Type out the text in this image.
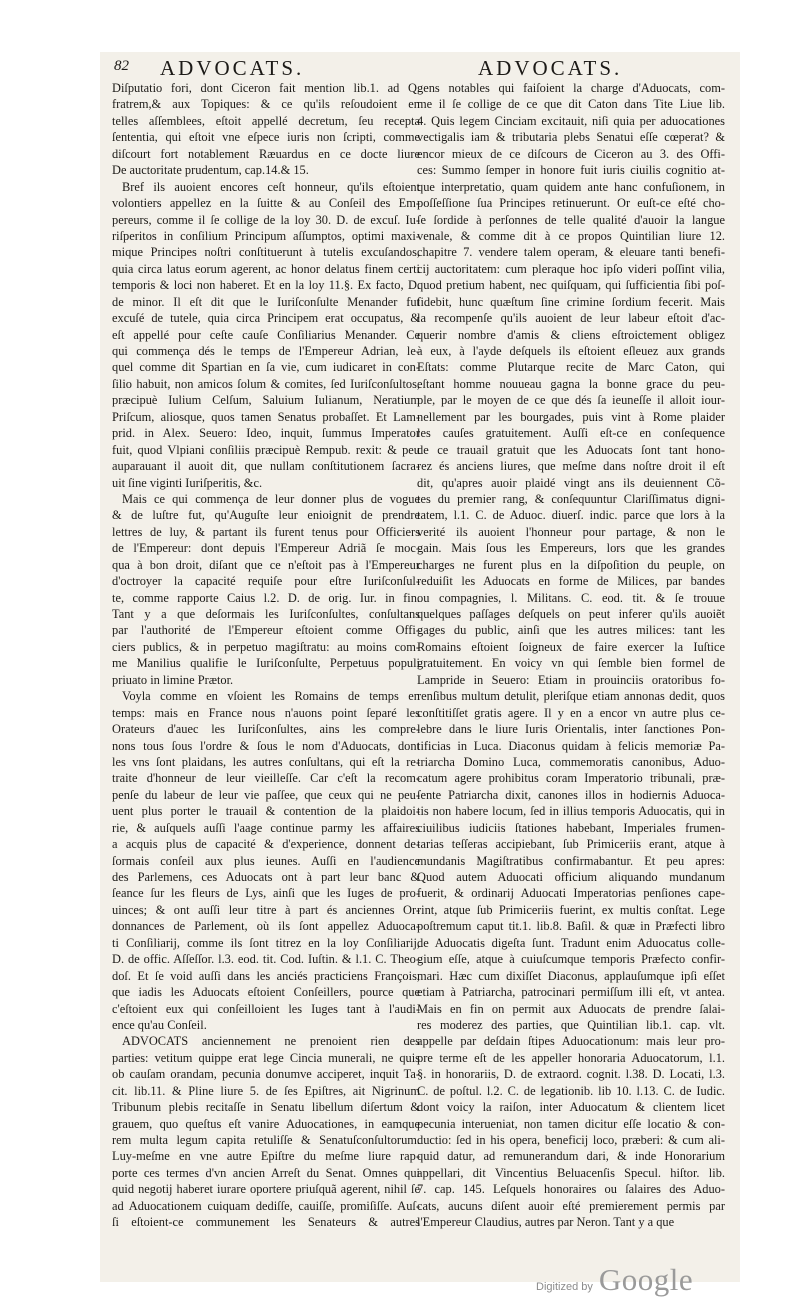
82 ADVOCATS.	ADVOCATS.
Diſputatio fori, dont Ciceron fait mention lib.1. ad Q.
fratrem,& aux Topiques: & ce qu'ils reſoudoient en
telles aſſemblees, eſtoit appellé decretum, ſeu recepta
ſententia, qui eſtoit vne eſpece iuris non ſcripti, comme
diſcourt fort notablement Ræuardus en ce docte liure
De auctoritate prudentum, cap.14.& 15.
Bref ils auoient encores ceſt honneur, qu'ils eſtoient
volontiers appellez en la ſuitte & au Conſeil des Em-
pereurs, comme il ſe collige de la loy 30. D. de excuſ. Iu-
riſperitos in conſilium Principum aſſumptos, optimi maxi-
mique Principes noſtri conſtituerunt à tutelis excuſandos,
quia circa latus eorum agerent, ac honor delatus finem certi
temporis & loci non haberet. Et en la loy 11.§. Ex facto, D.
de minor. Il eſt dit que le Iuriſconſulte Menander fut
excuſé de tutele, quia circa Principem erat occupatus, &
eſt appellé pour ceſte cauſe Conſiliarius Menander. Ce
qui commença dés le temps de l'Empereur Adrian, le-
quel comme dit Spartian en ſa vie, cum iudicaret in con-
ſilio habuit, non amicos ſolum & comites, ſed Iuriſconſultos,
præcipuè Iulium Celſum, Saluium Iulianum, Neratium
Priſcum, aliosque, quos tamen Senatus probaſſet. Et Lam-
prid. in Alex. Seuero: Ideo, inquit, ſummus Imperator
fuit, quod Vlpiani conſiliis præcipuè Rempub. rexit: & peu
auparauant il auoit dit, que nullam conſtitutionem ſacra-
uit ſine viginti Iuriſperitis, &c.
Mais ce qui commença de leur donner plus de vogue
& de luſtre fut, qu'Auguſte leur enioignit de prendre
lettres de luy, & partant ils furent tenus pour Officiers
de l'Empereur: dont depuis l'Empereur Adriã ſe moc-
qua à bon droit, diſant que ce n'eſtoit pas à l'Empereur
d'octroyer la capacité requiſe pour eſtre Iuriſconſul-
te, comme rapporte Caius l.2. D. de orig. Iur. in fin.
Tant y a que deſormais les Iuriſconſultes, conſultans
par l'authorité de l'Empereur eſtoient comme Offi-
ciers publics, & in perpetuo magiſtratu: au moins com-
me Manilius qualifie le Iuriſconſulte, Perpetuus populi
priuato in limine Prætor.
Voyla comme en vſoient les Romains de temps en
temps: mais en France nous n'auons point ſeparé les
Orateurs d'auec les Iuriſconſultes, ains les compre-
nons tous ſous l'ordre & ſous le nom d'Aduocats, dont
les vns ſont plaidans, les autres conſultans, qui eſt la re-
traite d'honneur de leur vieilleſſe. Car c'eſt la recom-
penſe du labeur de leur vie paſſee, que ceux qui ne peu-
uent plus porter le trauail & contention de la plaidoi-
rie, & auſquels auſſi l'aage continue parmy les affaires
a acquis plus de capacité & d'experience, donnent de-
ſormais conſeil aux plus ieunes. Auſſi en l'audience
des Parlemens, ces Aduocats ont à part leur banc &
ſeance ſur les fleurs de Lys, ainſi que les Iuges de pro-
uinces; & ont auſſi leur titre à part és anciennes Or-
donnances de Parlement, où ils ſont appellez Aduoca-
ti Conſiliarij, comme ils ſont titrez en la loy Conſiliarij,
D. de offic. Aſſeſſor. l.3. eod. tit. Cod. Iuſtin. & l.1. C. Theo-
doſ. Et ſe void auſſi dans les anciés practiciens François,
que iadis les Aduocats eſtoient Conſeillers, pource que
c'eſtoient eux qui conſeilloient les Iuges tant à l'audi-
ence qu'au Conſeil.
ADVOCATS anciennement ne prenoient rien des
parties: vetitum quippe erat lege Cincia munerali, ne quis
ob cauſam orandam, pecunia donumve acciperet, inquit Ta-
cit. lib.11. & Pline liure 5. de ſes Epiſtres, ait Nigrinum
Tribunum plebis recitaſſe in Senatu libellum diſertum &
grauem, quo queſtus eſt vanire Aduocationes, in eamque
rem multa legum capita retuliſſe & Senatuſconſultorum.
Luy-meſme en vne autre Epiſtre du meſme liure rap-
porte ces termes d'vn ancien Arreſt du Senat. Omnes qui
quid negotij haberet iurare oportere priuſquã agerent, nihil ſe
ad Aduocationem cuiquam dediſſe, cauiſſe, promiſiſſe. Auſ-
ſi eſtoient-ce communement les Senateurs & autres
gens notables qui faiſoient la charge d'Aduocats, com-
me il ſe collige de ce que dit Caton dans Tite Liue lib.
4. Quis legem Cinciam excitauit, niſi quia per aduocationes
vectigalis iam & tributaria plebs Senatui eſſe cœperat? &
encor mieux de ce diſcours de Ciceron au 3. des Offi-
ces: Summo ſemper in honore fuit iuris ciuilis cognitio at-
que interpretatio, quam quidem ante hanc confuſionem, in
poſſeſſione ſua Principes retinuerunt. Or euſt-ce eſté cho-
ſe ſordide à perſonnes de telle qualité d'auoir la langue
venale, & comme dit à ce propos Quintilian liure 12.
chapitre 7. vendere talem operam, & eleuare tanti benefi-
cij auctoritatem: cum pleraque hoc ipſo videri poſſint vilia,
quod pretium habent, nec quiſquam, qui ſufficientia ſibi poſ-
ſidebit, hunc quæſtum ſine crimine ſordium fecerit. Mais
la recompenſe qu'ils auoient de leur labeur eſtoit d'ac-
querir nombre d'amis & cliens eſtroictement obligez
à eux, à l'ayde deſquels ils eſtoient eſleuez aux grands
Eſtats: comme Plutarque recite de Marc Caton, qui
eſtant homme nouueau gagna la bonne grace du peu-
ple, par le moyen de ce que dés ſa ieuneſſe il alloit iour-
nellement par les bourgades, puis vint à Rome plaider
les cauſes gratuitement. Auſſi eſt-ce en conſequence
de ce trauail gratuit que les Aduocats ſont tant hono-
rez és anciens liures, que meſme dans noſtre droit il eſt
dit, qu'apres auoir plaidé vingt ans ils deuiennent Cõ-
tes du premier rang, & conſequuntur Clariſſimatus digni-
tatem, l.1. C. de Aduoc. diuerſ. indic. parce que lors à la
verité ils auoient l'honneur pour partage, & non le
gain. Mais ſous les Empereurs, lors que les grandes
charges ne furent plus en la diſpoſition du peuple, on
reduiſit les Aduocats en forme de Milices, par bandes
ou compagnies, l. Militans. C. eod. tit. & ſe trouue
quelques paſſages deſquels on peut inferer qu'ils auoiẽt
gages du public, ainſi que les autres milices: tant les
Romains eſtoient ſoigneux de faire exercer la Iuſtice
gratuitement. En voicy vn qui ſemble bien formel de
Lampride in Seuero: Etiam in prouinciis oratoribus fo-
renſibus multum detulit, pleriſque etiam annonas dedit, quos
conſtitiſſet gratis agere. Il y en a encor vn autre plus ce-
lebre dans le liure Iuris Orientalis, inter ſanctiones Pon-
tificias in Luca. Diaconus quidam à felicis memoriæ Pa-
triarcha Domino Luca, commemoratis canonibus, Aduo-
catum agere prohibitus coram Imperatorio tribunali, præ-
ſente Patriarcha dixit, canones illos in hodiernis Aduoca-
tis non habere locum, ſed in illius temporis Aduocatis, qui in
ciuilibus iudiciis ſtationes habebant, Imperiales frumen-
tarias teſſeras accipiebant, ſub Primiceriis erant, atque à
mundanis Magiſtratibus confirmabantur. Et peu apres:
Quod autem Aduocati officium aliquando mundanum
fuerit, & ordinarij Aduocati Imperatorias penſiones cape-
rint, atque ſub Primiceriis fuerint, ex multis conſtat. Lege
poſtremum caput tit.1. lib.8. Baſil. & quæ in Præfecti libro
de Aduocatis digeſta ſunt. Tradunt enim Aduocatus colle-
gium eſſe, atque à cuiuſcumque temporis Præfecto confir-
mari. Hæc cum dixiſſet Diaconus, applauſumque ipſi eſſet
etiam à Patriarcha, patrocinari permiſſum illi eſt, vt antea.
Mais en fin on permit aux Aduocats de prendre ſalai-
res moderez des parties, que Quintilian lib.1. cap. vlt.
appelle par deſdain ſtipes Aduocationum: mais leur pro-
pre terme eſt de les appeller honoraria Aduocatorum, l.1.
§. in honorariis, D. de extraord. cognit. l.38. D. Locati, l.3.
C. de poſtul. l.2. C. de legationib. lib 10. l.13. C. de Iudic.
dont voicy la raiſon, inter Aduocatum & clientem licet
pecunia interueniat, non tamen dicitur eſſe locatio & con-
ductio: ſed in his opera, beneficij loco, præberi: & cum ali-
quid datur, ad remunerandum dari, & inde Honorarium
appellari, dit Vincentius Beluacenſis Specul. hiſtor. lib.
7. cap. 145. Leſquels honoraires ou ſalaires des Aduo-
cats, aucuns diſent auoir eſté premierement permis par
l'Empereur Claudius, autres par Neron. Tant y a que
Digitized by Google
